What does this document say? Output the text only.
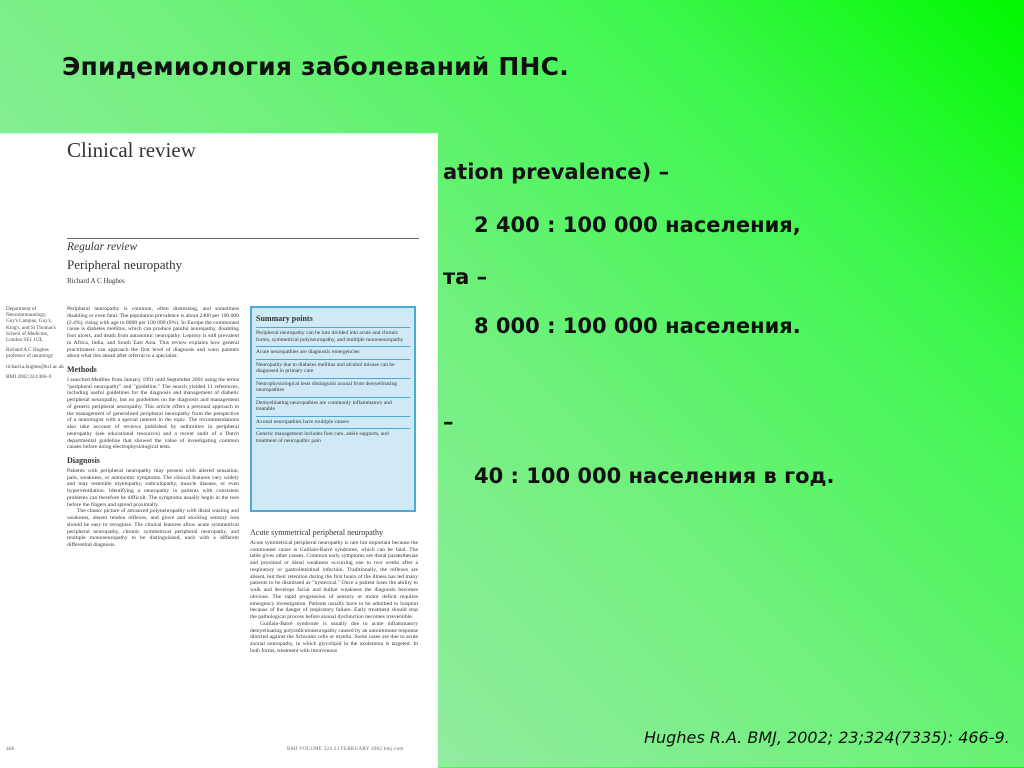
Эпидемиология заболеваний ПНС.
ation prevalence) –
2 400 : 100 000 населения,
та –
8 000 : 100 000 населения.
–
40 : 100 000 населения в год.
Hughes R.A. BMJ, 2002; 23;324(7335): 466-9.
Clinical review
Regular review
Peripheral neuropathy
Richard A C Hughes

Department of Neuroimmunology, Guy's Campus, Guy's, King's, and St Thomas's School of Medicine, London SE1 1UL

Richard A C Hughes professor of neurology

richard.a.hughes@kcl.ac.uk

BMJ 2002;324:466–9

Peripheral neuropathy is common, often distressing, and sometimes disabling or even fatal. The population prevalence is about 2400 per 100 000 (2.4%), rising with age to 8000 per 100 000 (8%). In Europe the commonest cause is diabetes mellitus, which can produce painful neuropathy, disabling foot ulcers, and death from autonomic neuropathy. Leprosy is still prevalent in Africa, India, and South East Asia. This review explains how general practitioners can approach the first level of diagnosis and warn patients about what lies ahead after referral to a specialist.

Methods

I searched Medline from January 1991 until September 2001 using the terms "peripheral neuropathy" and "guideline." The search yielded 11 references, including useful guidelines for the diagnosis and management of diabetic peripheral neuropathy, but no guidelines on the diagnosis and management of generic peripheral neuropathy. This article offers a personal approach to the management of generalised peripheral neuropathy from the perspective of a neurologist with a special interest in the topic. The recommendations also take account of reviews published by authorities in peripheral neuropathy (see educational resources) and a recent audit of a Dutch departmental guideline that showed the value of investigating common causes before doing electrophysiological tests.

Diagnosis

Patients with peripheral neuropathy may present with altered sensation, pain, weakness, or autonomic symptoms. The clinical features vary widely and may resemble myelopathy, radiculopathy, muscle disease, or even hyperventilation. Identifying a neuropathy in patients with coexistent problems can therefore be difficult. The symptoms usually begin in the toes before the fingers and spread proximally.

The classic picture of advanced polyneuropathy with distal wasting and weakness, absent tendon reflexes, and glove and stocking sensory loss should be easy to recognise. The clinical features allow acute symmetrical peripheral neuropathy, chronic symmetrical peripheral neuropathy, and multiple mononeuropathy to be distinguished, each with a different differential diagnosis.

Summary points
Peripheral neuropathy can be into divided into acute and chronic forms, symmetrical polyneuropathy, and multiple mononeuropathy
Acute neuropathies are diagnostic emergencies
Neuropathy due to diabetes mellitus and alcohol misuse can be diagnosed in primary care
Neurophysiological tests distinguish axonal from demyelinating neuropathies
Demyelinating neuropathies are commonly inflammatory and treatable
Axonal neuropathies have multiple causes
Generic management includes foot care, ankle supports, and treatment of neuropathic pain
Acute symmetrical peripheral neuropathy

Acute symmetrical peripheral neuropathy is rare but important because the commonest cause is Guillain-Barré syndrome, which can be fatal. The table gives other causes. Common early symptoms are distal paraesthesiae and proximal or distal weakness occurring one to two weeks after a respiratory or gastrointestinal infection. Traditionally, the reflexes are absent, but their retention during the first hours of the illness has led many patients to be dismissed as "hysterical." Once a patient loses the ability to walk and develops facial and bulbar weakness the diagnosis becomes obvious. The rapid progression of sensory or motor deficit requires emergency investigation. Patients usually have to be admitted to hospital because of the danger of respiratory failure. Early treatment should stop the pathological process before axonal dysfunction becomes irreversible.

Guillain-Barré syndrome is usually due to acute inflammatory demyelinating polyradiculoneuropathy caused by an autoimmune response directed against the Schwann cells or myelin. Some cases are due to acute axonal neuropathy, in which glycolipid in the axolemma is targeted. In both forms, treatment with intravenous

466	BMJ VOLUME 324 23 FEBRUARY 2002 bmj.com
